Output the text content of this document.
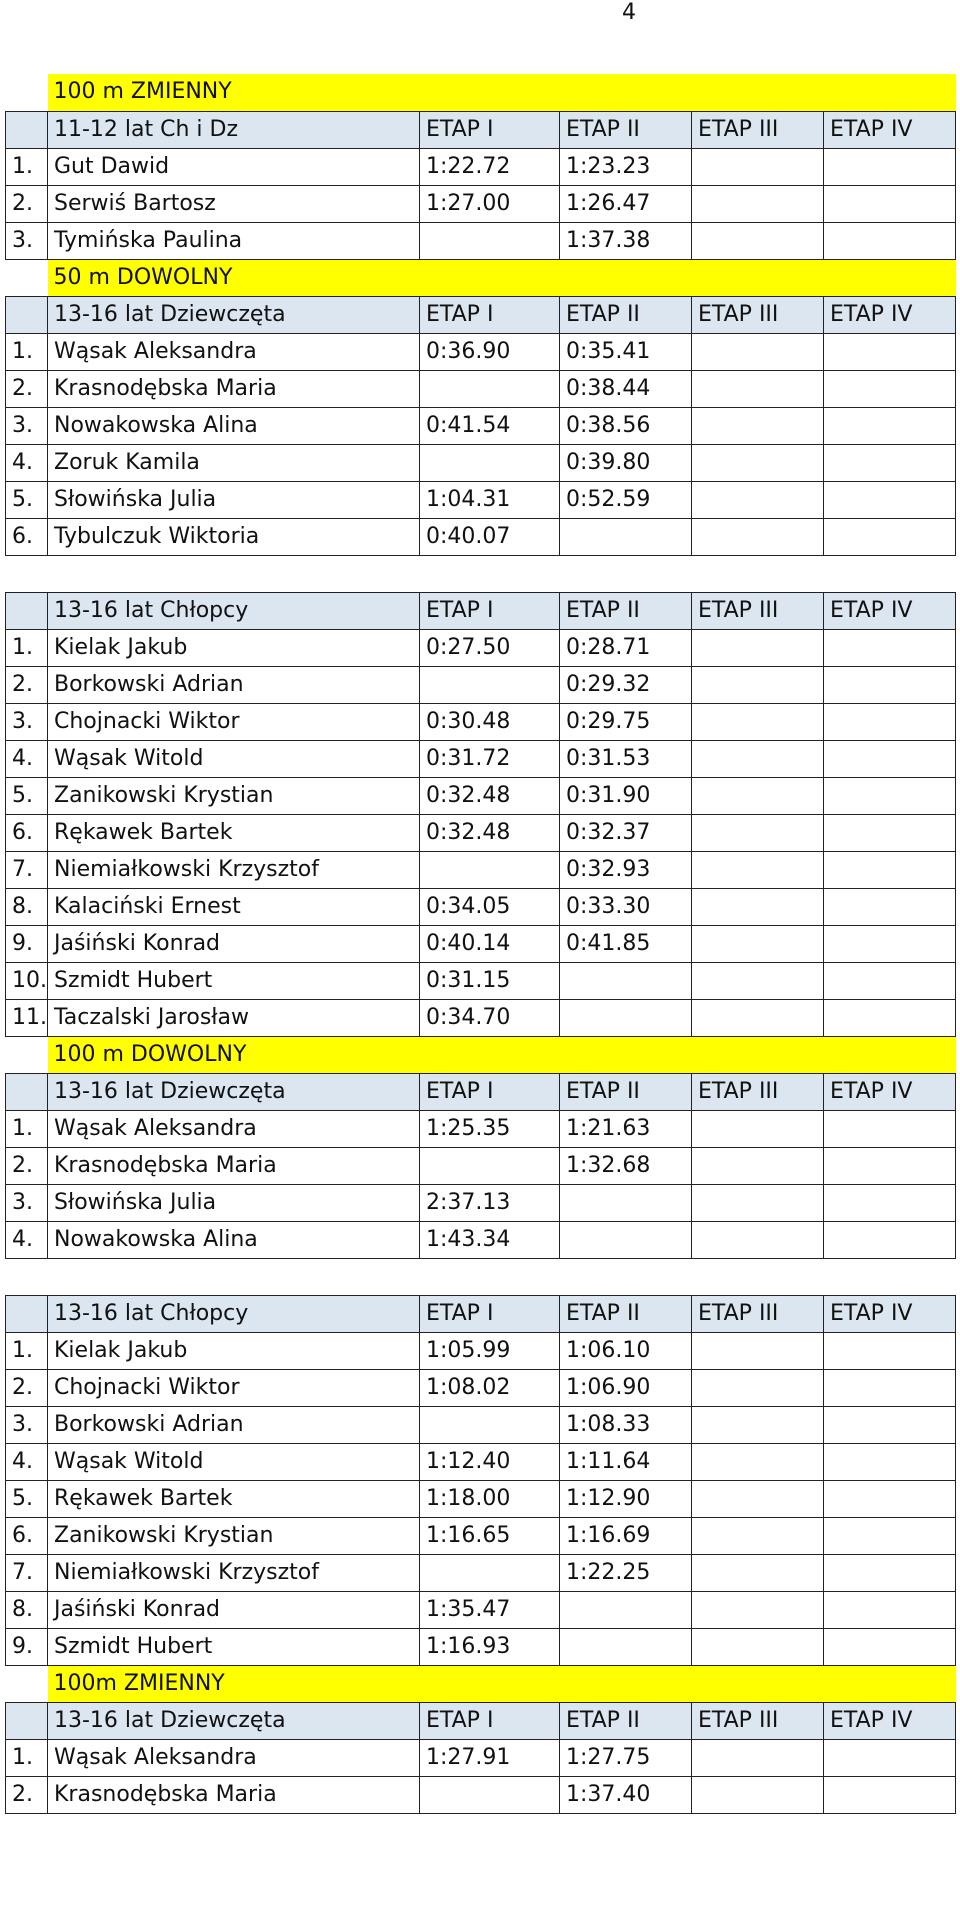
4
	100 m ZMIENNY				
	11-12 lat Ch i Dz	ETAP I	ETAP II	ETAP III	ETAP IV
1.	Gut Dawid	1:22.72	1:23.23		
2.	Serwiś Bartosz	1:27.00	1:26.47		
3.	Tymińska Paulina		1:37.38		
	50 m DOWOLNY				
	13-16 lat Dziewczęta	ETAP I	ETAP II	ETAP III	ETAP IV
1.	Wąsak Aleksandra	0:36.90	0:35.41		
2.	Krasnodębska Maria		0:38.44		
3.	Nowakowska Alina	0:41.54	0:38.56		
4.	Zoruk Kamila		0:39.80		
5.	Słowińska Julia	1:04.31	0:52.59		
6.	Tybulczuk Wiktoria	0:40.07			

	13-16 lat Chłopcy	ETAP I	ETAP II	ETAP III	ETAP IV
1.	Kielak Jakub	0:27.50	0:28.71		
2.	Borkowski Adrian		0:29.32		
3.	Chojnacki Wiktor	0:30.48	0:29.75		
4.	Wąsak Witold	0:31.72	0:31.53		
5.	Zanikowski Krystian	0:32.48	0:31.90		
6.	Rękawek Bartek	0:32.48	0:32.37		
7.	Niemiałkowski Krzysztof		0:32.93		
8.	Kalaciński Ernest	0:34.05	0:33.30		
9.	Jaśiński Konrad	0:40.14	0:41.85		
10.	Szmidt Hubert	0:31.15			
11.	Taczalski Jarosław	0:34.70			
	100 m DOWOLNY				
	13-16 lat Dziewczęta	ETAP I	ETAP II	ETAP III	ETAP IV
1.	Wąsak Aleksandra	1:25.35	1:21.63		
2.	Krasnodębska Maria		1:32.68		
3.	Słowińska Julia	2:37.13			
4.	Nowakowska Alina	1:43.34			

	13-16 lat Chłopcy	ETAP I	ETAP II	ETAP III	ETAP IV
1.	Kielak Jakub	1:05.99	1:06.10		
2.	Chojnacki Wiktor	1:08.02	1:06.90		
3.	Borkowski Adrian		1:08.33		
4.	Wąsak Witold	1:12.40	1:11.64		
5.	Rękawek Bartek	1:18.00	1:12.90		
6.	Zanikowski Krystian	1:16.65	1:16.69		
7.	Niemiałkowski Krzysztof		1:22.25		
8.	Jaśiński Konrad	1:35.47			
9.	Szmidt Hubert	1:16.93			
	100m ZMIENNY				
	13-16 lat Dziewczęta	ETAP I	ETAP II	ETAP III	ETAP IV
1.	Wąsak Aleksandra	1:27.91	1:27.75		
2.	Krasnodębska Maria		1:37.40		
